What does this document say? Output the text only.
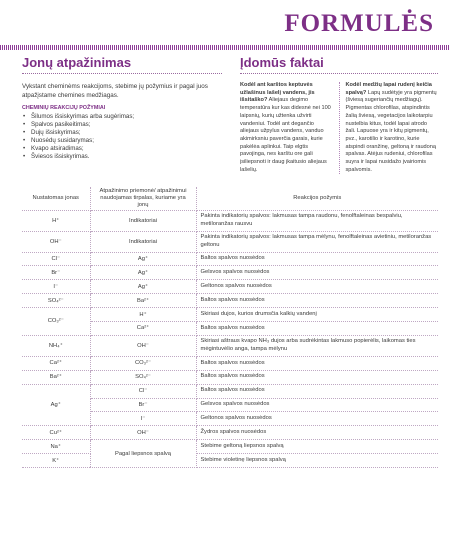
FORMULĖS
Jonų atpažinimas

Vykstant cheminėms reakcijoms, stebime jų požymius ir pagal juos atpažįstame chemines medžiagas.

CHEMINIŲ REAKCIJŲ POŽYMIAI
• Šilumos išsiskyrimas arba sugėrimas;
• Spalvos pasikeitimas;
• Dujų išsiskyrimas;
• Nuosėdų susidarymas;
• Kvapo atsiradimas;
• Šviesos išsiskyrimas.
Įdomūs faktai
Kodėl ant karštos keptuvės užlašinus lašelį vandens, jis išsitaško? Aliejaus degimo temperatūra kur kas didesnė nei 100 laipsnių, kurių užtenka užvirti vandeniui. Todėl ant degančio aliejaus užpylus vandens, vanduo akimirksniu paverčia garais, kurie pakėlėa aplinkui. Taip elgtis pavojinga, nes karštu ore gali įsiliepsnoti ir daug įkaitusio aliejaus lašelių.
Kodėl medžių lapai rudenį keičia spalvą? Lapų sudėtyje yra pigmentų (šviesą sugeriančių medžiagų). Pigmentas chlorofilas, atspindintis žalią šviesą, vegetacijos laikotarpiu nustelbia kitus, todėl lapai atrodo žali. Lapuose yra ir kitų pigmentų, pvz., karotilio ir karotino, kurie atspindi oranžinę, geltoną ir raudoną spalvas. Atėjus rudeniui, chlorofilas suyra ir lapai nusidažo įvairiomis spalvomis.
Nustatomas jonas	Atpažinimo priemonė/ atpažinimui naudojamas tirpalas, kuriame yra jonų	Reakcijos požymis
H⁺	Indikatoriai	Pakinta indikatorių spalvos: lakmusas tampa raudonu, fenolftaleinas bespalviu, metiloranžas rausvu
OH⁻	Indikatoriai	Pakinta indikatorių spalvos: lakmusas tampa mėlynu, fenolftaleinas avietiniu, metiloranžas geltonu
Cl⁻	Ag⁺	Baltos spalvos nuosėdos
Br⁻	Ag⁺	Gelsvos spalvos nuosėdos
I⁻	Ag⁺	Geltonos spalvos nuosėdos
SO₄²⁻	Ba²⁺	Baltos spalvos nuosėdos
CO₃²⁻	H⁺	Skiriasi dujos, kurios drumsčia kalkių vandenį
	Ca²⁺	Baltos spalvos nuosėdos
NH₄⁺	OH⁻	Skiriasi aštraus kvapo NH₃ dujos arba sudrėkintas lakmuso popierėlis, laikomas ties mėgintuvėlio anga, tampa mėlynu
Ca²⁺	CO₃²⁻	Baltos spalvos nuosėdos
Ba²⁺	SO₄²⁻	Baltos spalvos nuosėdos
Ag⁺	Cl⁻	Baltos spalvos nuosėdos
	Br⁻	Gelsvos spalvos nuosėdos
	I⁻	Geltonos spalvos nuosėdos
Cu²⁺	OH⁻	Žydros spalvos nuosėdos
Na⁺	Pagal liepsnos spalvą	Stebime geltoną liepsnos spalvą
K⁺		Stebime violetinę liepsnos spalvą
